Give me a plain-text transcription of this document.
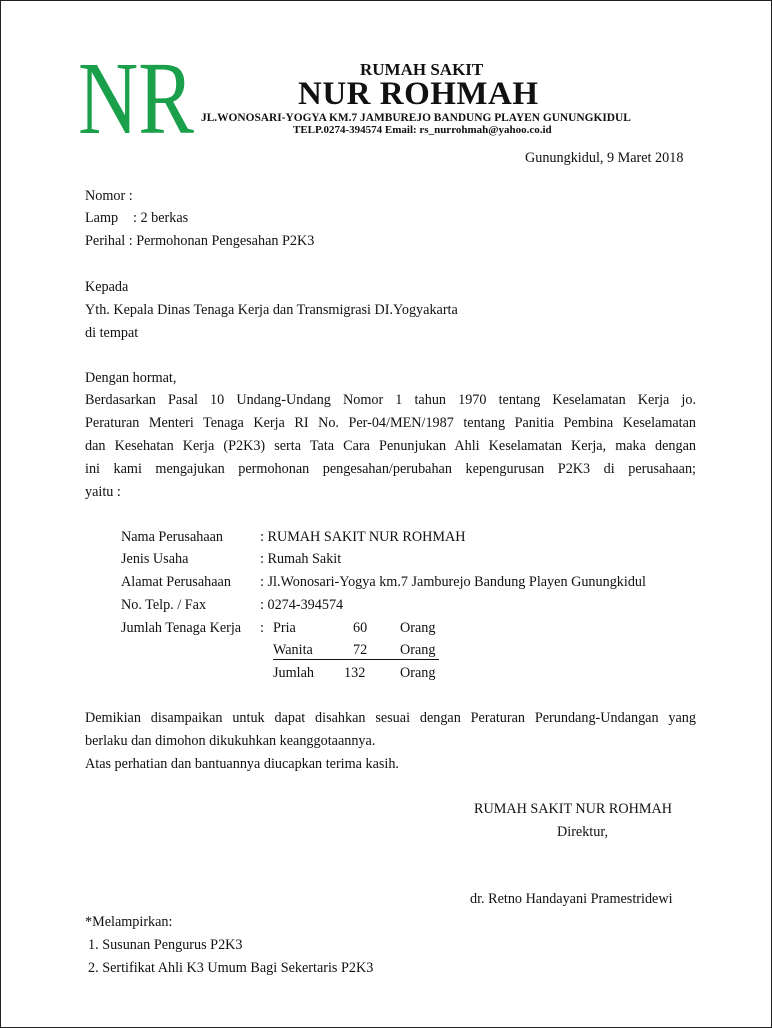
NR	RUMAH SAKIT
NUR ROHMAH
JL.WONOSARI-YOGYA KM.7 JAMBUREJO BANDUNG PLAYEN GUNUNGKIDUL
TELP.0274-394574 Email: rs_nurrohmah@yahoo.co.id
Gunungkidul, 9 Maret 2018
Nomor :
Lamp : 2 berkas
Perihal : Permohonan Pengesahan P2K3
Kepada
Yth. Kepala Dinas Tenaga Kerja dan Transmigrasi DI.Yogyakarta
di tempat
Dengan hormat,
Berdasarkan Pasal 10 Undang-Undang Nomor 1 tahun 1970 tentang Keselamatan Kerja jo.
Peraturan Menteri Tenaga Kerja RI No. Per-04/MEN/1987 tentang Panitia Pembina Keselamatan
dan Kesehatan Kerja (P2K3) serta Tata Cara Penunjukan Ahli Keselamatan Kerja, maka dengan
ini kami mengajukan permohonan pengesahan/perubahan kepengurusan P2K3 di perusahaan;
yaitu :
Nama Perusahaan	: RUMAH SAKIT NUR ROHMAH
Jenis Usaha	: Rumah Sakit
Alamat Perusahaan : Jl.Wonosari-Yogya km.7 Jamburejo Bandung Playen Gunungkidul
No. Telp. / Fax	: 0274-394574
Jumlah Tenaga Kerja : Pria	60 Orang
Wanita	72 Orang
Jumlah 132 Orang
Demikian disampaikan untuk dapat disahkan sesuai dengan Peraturan Perundang-Undangan yang
berlaku dan dimohon dikukuhkan keanggotaannya.
Atas perhatian dan bantuannya diucapkan terima kasih.
RUMAH SAKIT NUR ROHMAH
Direktur,
dr. Retno Handayani Pramestridewi
*Melampirkan:
1. Susunan Pengurus P2K3
2. Sertifikat Ahli K3 Umum Bagi Sekertaris P2K3
